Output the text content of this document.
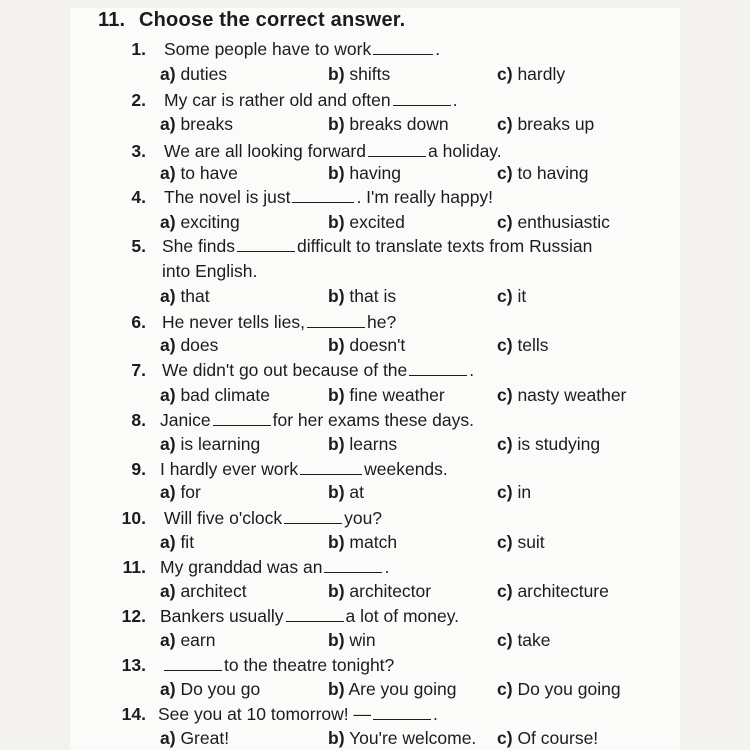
11. Choose the correct answer.
1. Some people have to work	.
a) duties	b) shifts	c) hardly
2. My car is rather old and often	.
a) breaks	b) breaks down	c) breaks up
3. We are all looking forward	a holiday.
a) to have	b) having	c) to having
4. The novel is just	. I'm really happy!
a) exciting	b) excited	c) enthusiastic
5. She finds	difficult to translate texts from Russian
into English.
a) that	b) that is	c) it
6. He never tells lies,	he?
a) does	b) doesn't	c) tells
7. We didn't go out because of the	.
a) bad climate	b) fine weather	c) nasty weather
8. Janice	for her exams these days.
a) is learning	b) learns	c) is studying
9. I hardly ever work	weekends.
a) for	b) at	c) in
10. Will five o'clock	you?
a) fit	b) match	c) suit
11. My granddad was an	.
a) architect	b) architector	c) architecture
12. Bankers usually	a lot of money.
a) earn	b) win	c) take
13.	to the theatre tonight?
a) Do you go	b) Are you going c) Do you going
14. See you at 10 tomorrow! —	.
a) Great!	b) You're welcome. c) Of course!
